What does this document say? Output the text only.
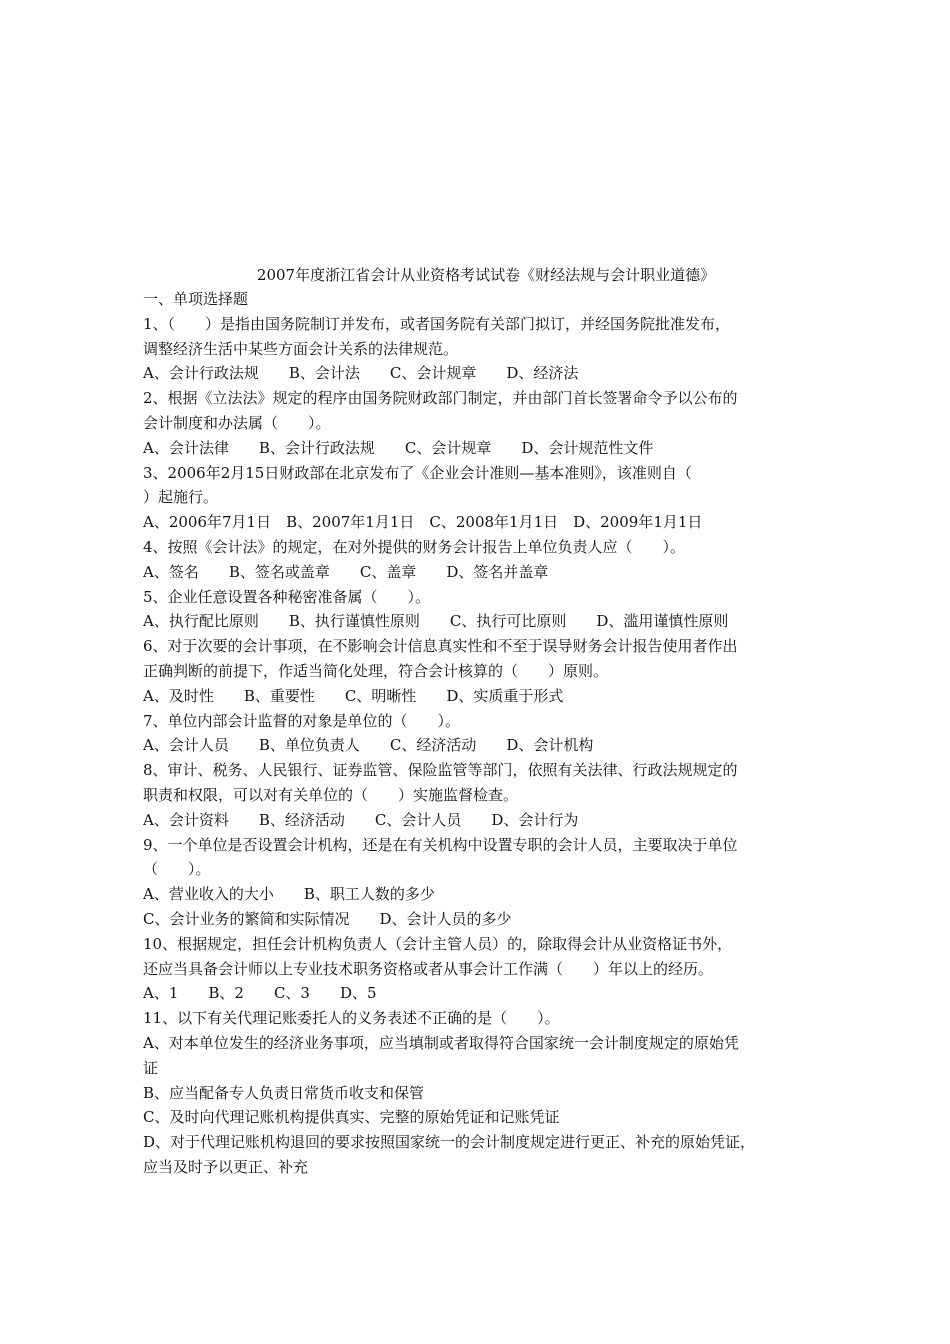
2007年度浙江省会计从业资格考试试卷《财经法规与会计职业道德》
一、单项选择题
1、（　　）是指由国务院制订并发布，或者国务院有关部门拟订，并经国务院批准发布，
调整经济生活中某些方面会计关系的法律规范。
A、会计行政法规　　B、会计法　　C、会计规章　　D、经济法
2、根据《立法法》规定的程序由国务院财政部门制定，并由部门首长签署命令予以公布的
会计制度和办法属（　　）。
A、会计法律　　B、会计行政法规　　C、会计规章　　D、会计规范性文件
3、2006年2月15日财政部在北京发布了《企业会计准则—基本准则》，该准则自（
）起施行。
A、2006年7月1日　B、2007年1月1日　C、2008年1月1日　D、2009年1月1日
4、按照《会计法》的规定，在对外提供的财务会计报告上单位负责人应（　　）。
A、签名　　B、签名或盖章　　C、盖章　　D、签名并盖章
5、企业任意设置各种秘密准备属（　　）。
A、执行配比原则　　B、执行谨慎性原则　　C、执行可比原则　　D、滥用谨慎性原则
6、对于次要的会计事项，在不影响会计信息真实性和不至于误导财务会计报告使用者作出
正确判断的前提下，作适当简化处理，符合会计核算的（　　）原则。
A、及时性　　B、重要性　　C、明晰性　　D、实质重于形式
7、单位内部会计监督的对象是单位的（　　）。
A、会计人员　　B、单位负责人　　C、经济活动　　D、会计机构
8、审计、税务、人民银行、证券监管、保险监管等部门，依照有关法律、行政法规规定的
职责和权限，可以对有关单位的（　　）实施监督检查。
A、会计资料　　B、经济活动　　C、会计人员　　D、会计行为
9、一个单位是否设置会计机构，还是在有关机构中设置专职的会计人员，主要取决于单位
（　　）。
A、营业收入的大小　　B、职工人数的多少
C、会计业务的繁简和实际情况　　D、会计人员的多少
10、根据规定，担任会计机构负责人（会计主管人员）的，除取得会计从业资格证书外，
还应当具备会计师以上专业技术职务资格或者从事会计工作满（　　）年以上的经历。
A、1　　B、2　　C、3　　D、5
11、以下有关代理记账委托人的义务表述不正确的是（　　）。
A、对本单位发生的经济业务事项，应当填制或者取得符合国家统一会计制度规定的原始凭
证
B、应当配备专人负责日常货币收支和保管
C、及时向代理记账机构提供真实、完整的原始凭证和记账凭证
D、对于代理记账机构退回的要求按照国家统一的会计制度规定进行更正、补充的原始凭证，
应当及时予以更正、补充
